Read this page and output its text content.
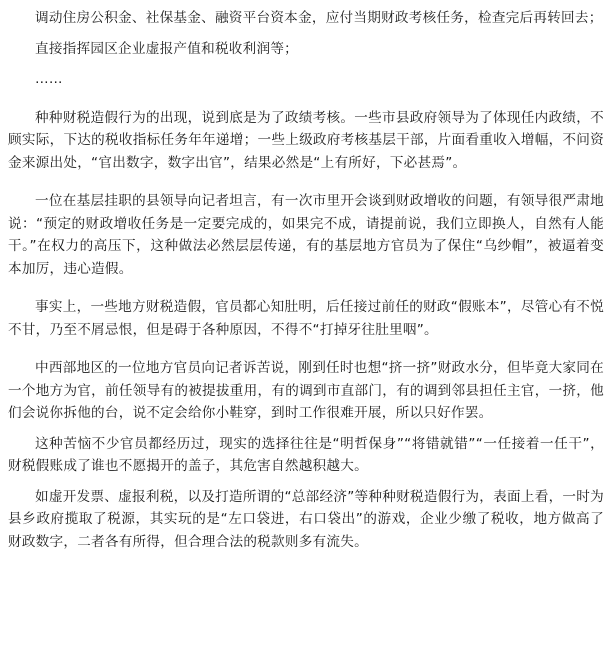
调动住房公积金、社保基金、融资平台资本金，应付当期财政考核任务，检查完后再转回去；

直接指挥园区企业虚报产值和税收利润等；

……

种种财税造假行为的出现，说到底是为了政绩考核。一些市县政府领导为了体现任内政绩，不顾实际，下达的税收指标任务年年递增；一些上级政府考核基层干部，片面看重收入增幅，不问资金来源出处，“官出数字，数字出官”，结果必然是“上有所好，下必甚焉”。

一位在基层挂职的县领导向记者坦言，有一次市里开会谈到财政增收的问题，有领导很严肃地说：“预定的财政增收任务是一定要完成的，如果完不成，请提前说，我们立即换人，自然有人能干。”在权力的高压下，这种做法必然层层传递，有的基层地方官员为了保住“乌纱帽”，被逼着变本加厉，违心造假。

事实上，一些地方财税造假，官员都心知肚明，后任接过前任的财政“假账本”，尽管心有不悦不甘，乃至不屑忌恨，但是碍于各种原因，不得不“打掉牙往肚里咽”。

中西部地区的一位地方官员向记者诉苦说，刚到任时也想“挤一挤”财政水分，但毕竟大家同在一个地方为官，前任领导有的被提拔重用，有的调到市直部门，有的调到邻县担任主官，一挤，他们会说你拆他的台，说不定会给你小鞋穿，到时工作很难开展，所以只好作罢。

这种苦恼不少官员都经历过，现实的选择往往是“明哲保身”“将错就错”“一任接着一任干”，财税假账成了谁也不愿揭开的盖子，其危害自然越积越大。

如虚开发票、虚报利税，以及打造所谓的“总部经济”等种种财税造假行为，表面上看，一时为县乡政府揽取了税源，其实玩的是“左口袋进，右口袋出”的游戏，企业少缴了税收，地方做高了财政数字，二者各有所得，但合理合法的税款则多有流失。
